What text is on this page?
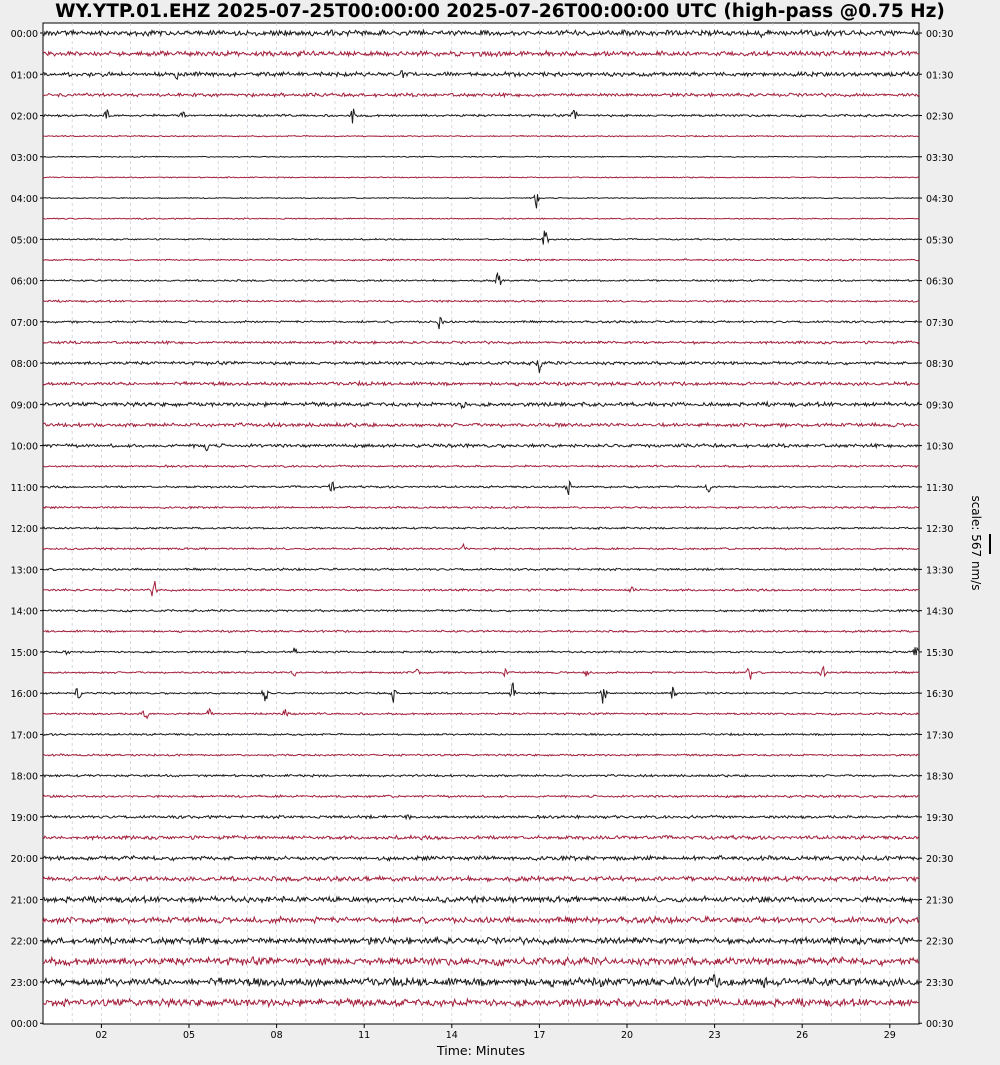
WY.YTP.01.EHZ 2025-07-25T00:00:00 2025-07-26T00:00:00 UTC (high-pass @0.75 Hz)
00:00
01:00
02:00
03:00
04:00
05:00
06:00
07:00
08:00
09:00
10:00
11:00
12:00
13:00
14:00
15:00
16:00
17:00
18:00
19:00
20:00
21:00
22:00
23:00
00:00
00:30
01:30
02:30
03:30
04:30
05:30
06:30
07:30
08:30
09:30
10:30
11:30
12:30
13:30
14:30
15:30
16:30
17:30
18:30
19:30
20:30
21:30
22:30
23:30
00:30
02	05	08	11	14	17	20	23	26	29
Time: Minutes
scale: 567 nm/s
